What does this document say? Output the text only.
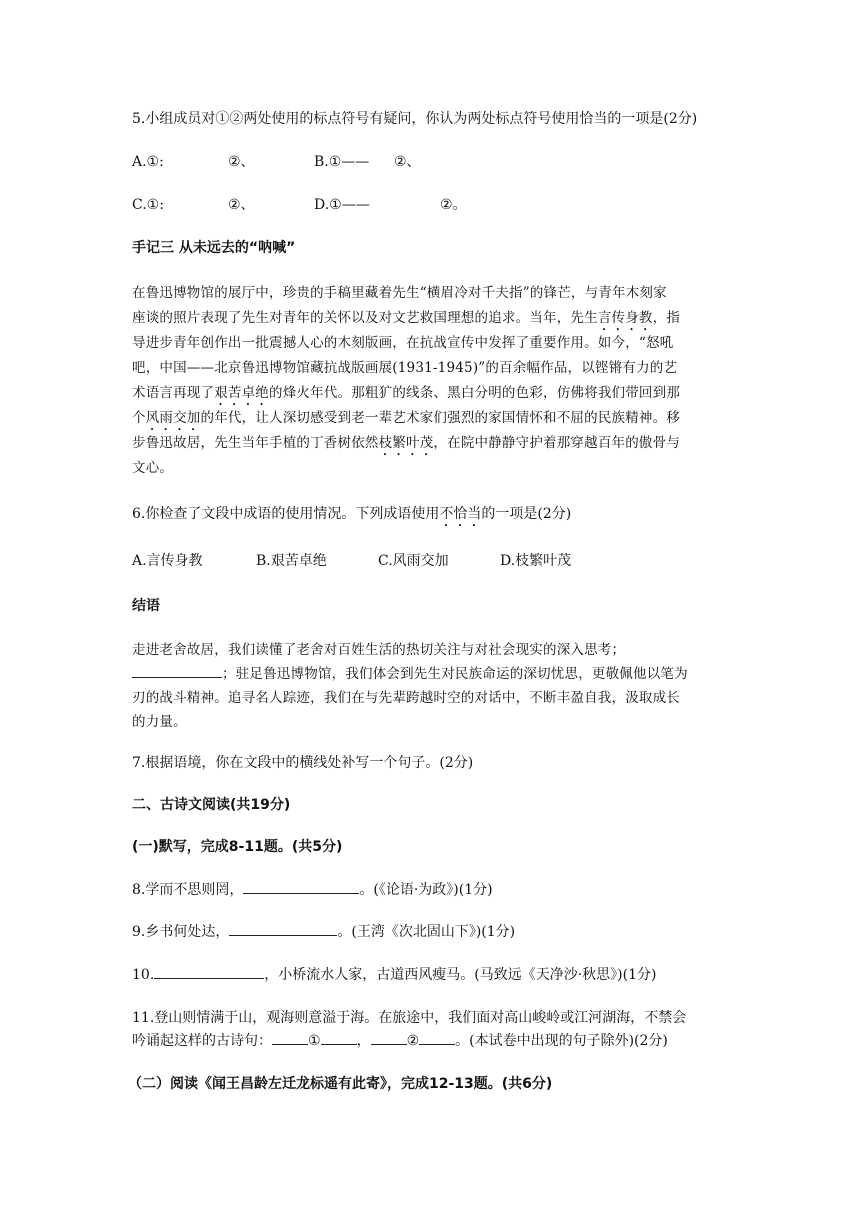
5.小组成员对①②两处使用的标点符号有疑问，你认为两处标点符号使用恰当的一项是(2分)
A.①:	②、	B.①—— ②、
C.①:	②、	D.①——	②。
手记三 从未远去的“呐喊”
在鲁迅博物馆的展厅中，珍贵的手稿里藏着先生“横眉冷对千夫指”的锋芒，与青年木刻家
座谈的照片表现了先生对青年的关怀以及对文艺救国理想的追求。当年，先生言传身教，指
导进步青年创作出一批震撼人心的木刻版画，在抗战宣传中发挥了重要作用。如今，“怒吼
吧，中国——北京鲁迅博物馆藏抗战版画展(1931-1945)”的百余幅作品，以铿锵有力的艺
术语言再现了艰苦卓绝的烽火年代。那粗犷的线条、黑白分明的色彩，仿佛将我们带回到那
个风雨交加的年代，让人深切感受到老一辈艺术家们强烈的家国情怀和不屈的民族精神。移
步鲁迅故居，先生当年手植的丁香树依然枝繁叶茂，在院中静静守护着那穿越百年的傲骨与
文心。
6.你检查了文段中成语的使用情况。下列成语使用不恰当的一项是(2分)
A.言传身教	B.艰苦卓绝	C.风雨交加	D.枝繁叶茂
结语
走进老舍故居，我们读懂了老舍对百姓生活的热切关注与对社会现实的深入思考；
；驻足鲁迅博物馆，我们体会到先生对民族命运的深切忧思，更敬佩他以笔为
刃的战斗精神。追寻名人踪迹，我们在与先辈跨越时空的对话中，不断丰盈自我，汲取成长
的力量。
7.根据语境，你在文段中的横线处补写一个句子。(2分)
二、古诗文阅读(共19分)
(一)默写，完成8-11题。(共5分)
8.学而不思则罔，	。(《论语·为政》)(1分)
9.乡书何处达，	。(王湾《次北固山下》)(1分)
10.	，小桥流水人家，古道西风瘦马。(马致远《天净沙·秋思》)(1分)
11.登山则情满于山，观海则意溢于海。在旅途中，我们面对高山峻岭或江河湖海，不禁会
吟诵起这样的古诗句：	①	，	②	。(本试卷中出现的句子除外)(2分)
（二）阅读《闻王昌龄左迁龙标遥有此寄》，完成12-13题。(共6分)
